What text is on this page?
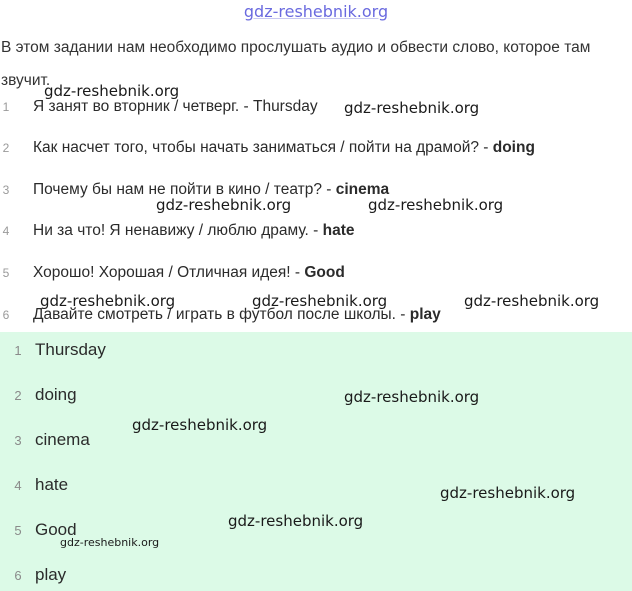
gdz-reshebnik.org
В этом задании нам необходимо прослушать аудио и обвести слово, которое там звучит.
1 Я занят во вторник / четверг. - Thursday
2 Как насчет того, чтобы начать заниматься / пойти на драмой? - doing
3 Почему бы нам не пойти в кино / театр? - cinema
4 Ни за что! Я ненавижу / люблю драму. - hate
5 Хорошо! Хорошая / Отличная идея! - Good
6 Давайте смотреть / играть в футбол после школы. - play
1 Thursday
2 doing
3 cinema
4 hate
5 Good
6 play
gdz-reshebnik.org
gdz-reshebnik.org
gdz-reshebnik.org	gdz-reshebnik.org
gdz-reshebnik.org	gdz-reshebnik.org	gdz-reshebnik.org
gdz-reshebnik.org
gdz-reshebnik.org
gdz-reshebnik.org
gdz-reshebnik.org
gdz-reshebnik.org
